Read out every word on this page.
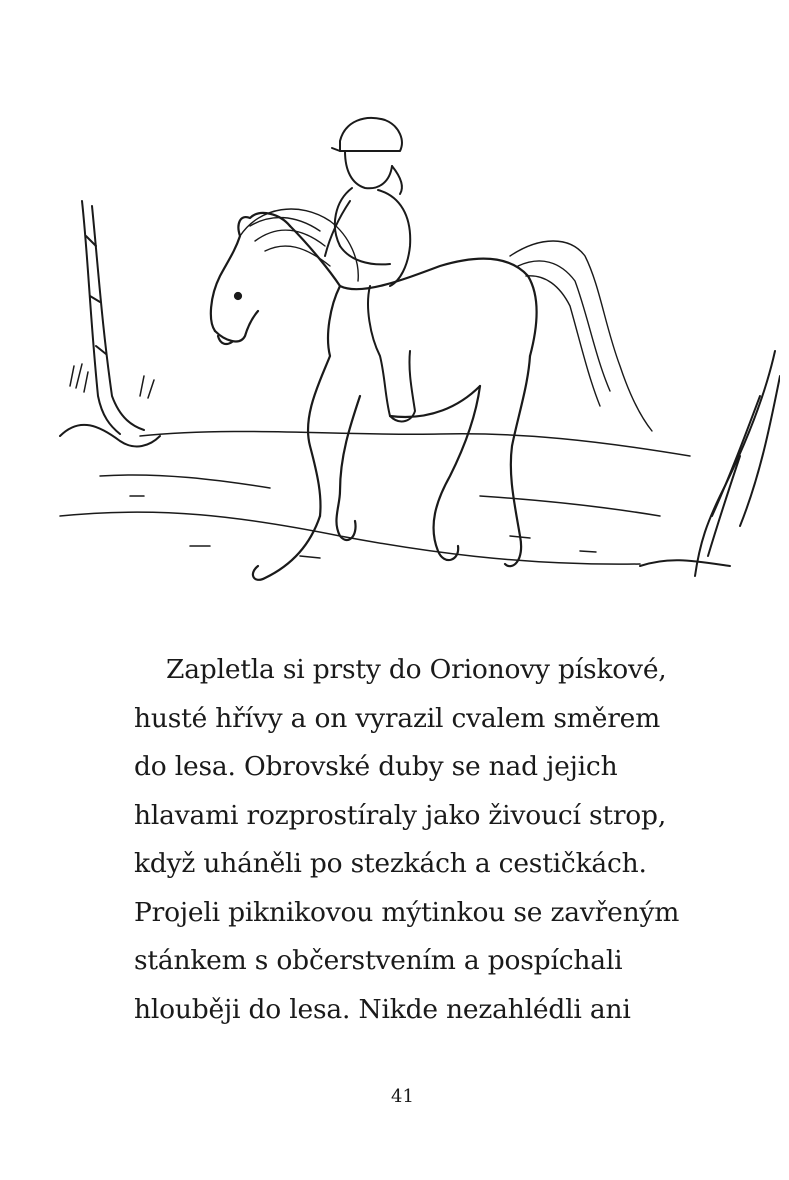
Zapletla si prsty do Orionovy pískové,
husté hřívy a on vyrazil cvalem směrem
do lesa. Obrovské duby se nad jejich
hlavami rozprostíraly jako živoucí strop,
když uháněli po stezkách a cestičkách.
Projeli piknikovou mýtinkou se zavřeným
stánkem s občerstvením a pospíchali
hlouběji do lesa. Nikde nezahlédli ani
41
